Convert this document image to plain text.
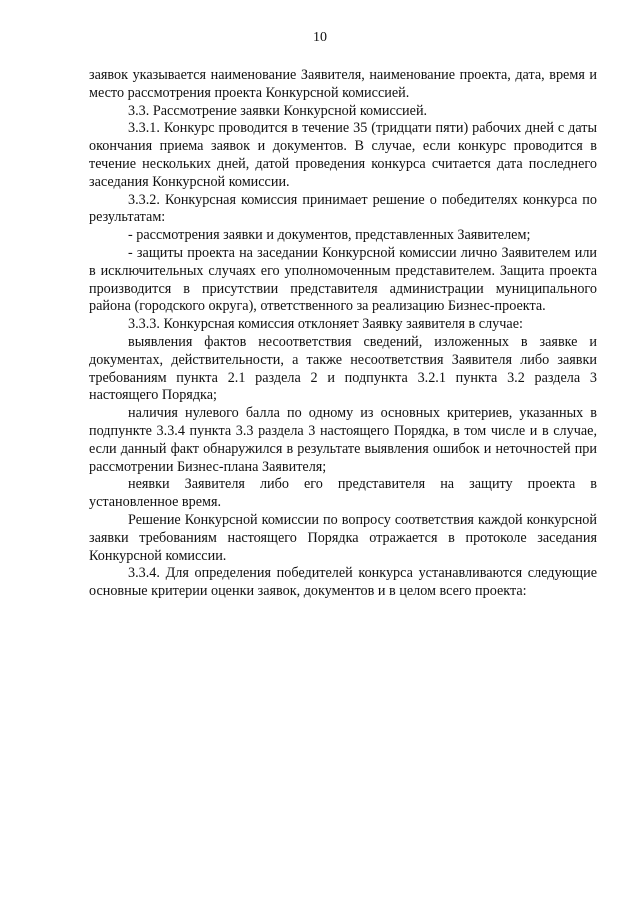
10

заявок указывается наименование Заявителя, наименование проекта, дата, время и место рассмотрения проекта Конкурсной комиссией.

3.3. Рассмотрение заявки Конкурсной комиссией.

3.3.1. Конкурс проводится в течение 35 (тридцати пяти) рабочих дней с даты окончания приема заявок и документов. В случае, если конкурс проводится в течение нескольких дней, датой проведения конкурса считается дата последнего заседания Конкурсной комиссии.

3.3.2. Конкурсная комиссия принимает решение о победителях конкурса по результатам:

- рассмотрения заявки и документов, представленных Заявителем;

- защиты проекта на заседании Конкурсной комиссии лично Заявителем или в исключительных случаях его уполномоченным представителем. Защита проекта производится в присутствии представителя администрации муниципального района (городского округа), ответственного за реализацию Бизнес-проекта.

3.3.3. Конкурсная комиссия отклоняет Заявку заявителя в случае:

выявления фактов несоответствия сведений, изложенных в заявке и документах, действительности, а также несоответствия Заявителя либо заявки требованиям пункта 2.1 раздела 2 и подпункта 3.2.1 пункта 3.2 раздела 3 настоящего Порядка;

наличия нулевого балла по одному из основных критериев, указанных в подпункте 3.3.4 пункта 3.3 раздела 3 настоящего Порядка, в том числе и в случае, если данный факт обнаружился в результате выявления ошибок и неточностей при рассмотрении Бизнес-плана Заявителя;

неявки Заявителя либо его представителя на защиту проекта в установленное время.

Решение Конкурсной комиссии по вопросу соответствия каждой конкурсной заявки требованиям настоящего Порядка отражается в протоколе заседания Конкурсной комиссии.

3.3.4. Для определения победителей конкурса устанавливаются следующие основные критерии оценки заявок, документов и в целом всего проекта:
